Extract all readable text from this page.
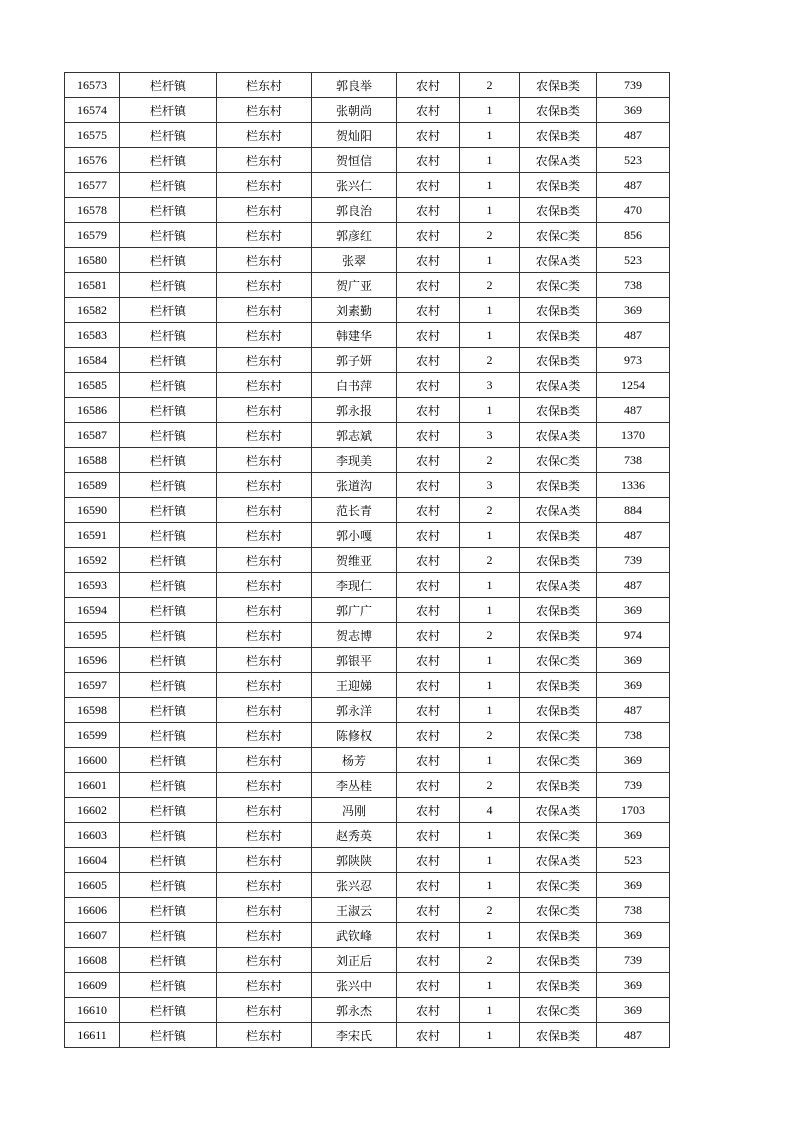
16573	栏杆镇	栏东村	郭良举	农村	2	农保B类	739
16574	栏杆镇	栏东村	张朝尚	农村	1	农保B类	369
16575	栏杆镇	栏东村	贺灿阳	农村	1	农保B类	487
16576	栏杆镇	栏东村	贺恒信	农村	1	农保A类	523
16577	栏杆镇	栏东村	张兴仁	农村	1	农保B类	487
16578	栏杆镇	栏东村	郭良治	农村	1	农保B类	470
16579	栏杆镇	栏东村	郭彦红	农村	2	农保C类	856
16580	栏杆镇	栏东村	张翠	农村	1	农保A类	523
16581	栏杆镇	栏东村	贺广亚	农村	2	农保C类	738
16582	栏杆镇	栏东村	刘素勤	农村	1	农保B类	369
16583	栏杆镇	栏东村	韩建华	农村	1	农保B类	487
16584	栏杆镇	栏东村	郭子妍	农村	2	农保B类	973
16585	栏杆镇	栏东村	白书萍	农村	3	农保A类	1254
16586	栏杆镇	栏东村	郭永报	农村	1	农保B类	487
16587	栏杆镇	栏东村	郭志斌	农村	3	农保A类	1370
16588	栏杆镇	栏东村	李现美	农村	2	农保C类	738
16589	栏杆镇	栏东村	张道沟	农村	3	农保B类	1336
16590	栏杆镇	栏东村	范长青	农村	2	农保A类	884
16591	栏杆镇	栏东村	郭小嘎	农村	1	农保B类	487
16592	栏杆镇	栏东村	贺维亚	农村	2	农保B类	739
16593	栏杆镇	栏东村	李现仁	农村	1	农保A类	487
16594	栏杆镇	栏东村	郭广广	农村	1	农保B类	369
16595	栏杆镇	栏东村	贺志博	农村	2	农保B类	974
16596	栏杆镇	栏东村	郭银平	农村	1	农保C类	369
16597	栏杆镇	栏东村	王迎娣	农村	1	农保B类	369
16598	栏杆镇	栏东村	郭永洋	农村	1	农保B类	487
16599	栏杆镇	栏东村	陈修权	农村	2	农保C类	738
16600	栏杆镇	栏东村	杨芳	农村	1	农保C类	369
16601	栏杆镇	栏东村	李丛桂	农村	2	农保B类	739
16602	栏杆镇	栏东村	冯刚	农村	4	农保A类	1703
16603	栏杆镇	栏东村	赵秀英	农村	1	农保C类	369
16604	栏杆镇	栏东村	郭陕陕	农村	1	农保A类	523
16605	栏杆镇	栏东村	张兴忍	农村	1	农保C类	369
16606	栏杆镇	栏东村	王淑云	农村	2	农保C类	738
16607	栏杆镇	栏东村	武钦峰	农村	1	农保B类	369
16608	栏杆镇	栏东村	刘正后	农村	2	农保B类	739
16609	栏杆镇	栏东村	张兴中	农村	1	农保B类	369
16610	栏杆镇	栏东村	郭永杰	农村	1	农保C类	369
16611	栏杆镇	栏东村	李宋氏	农村	1	农保B类	487
